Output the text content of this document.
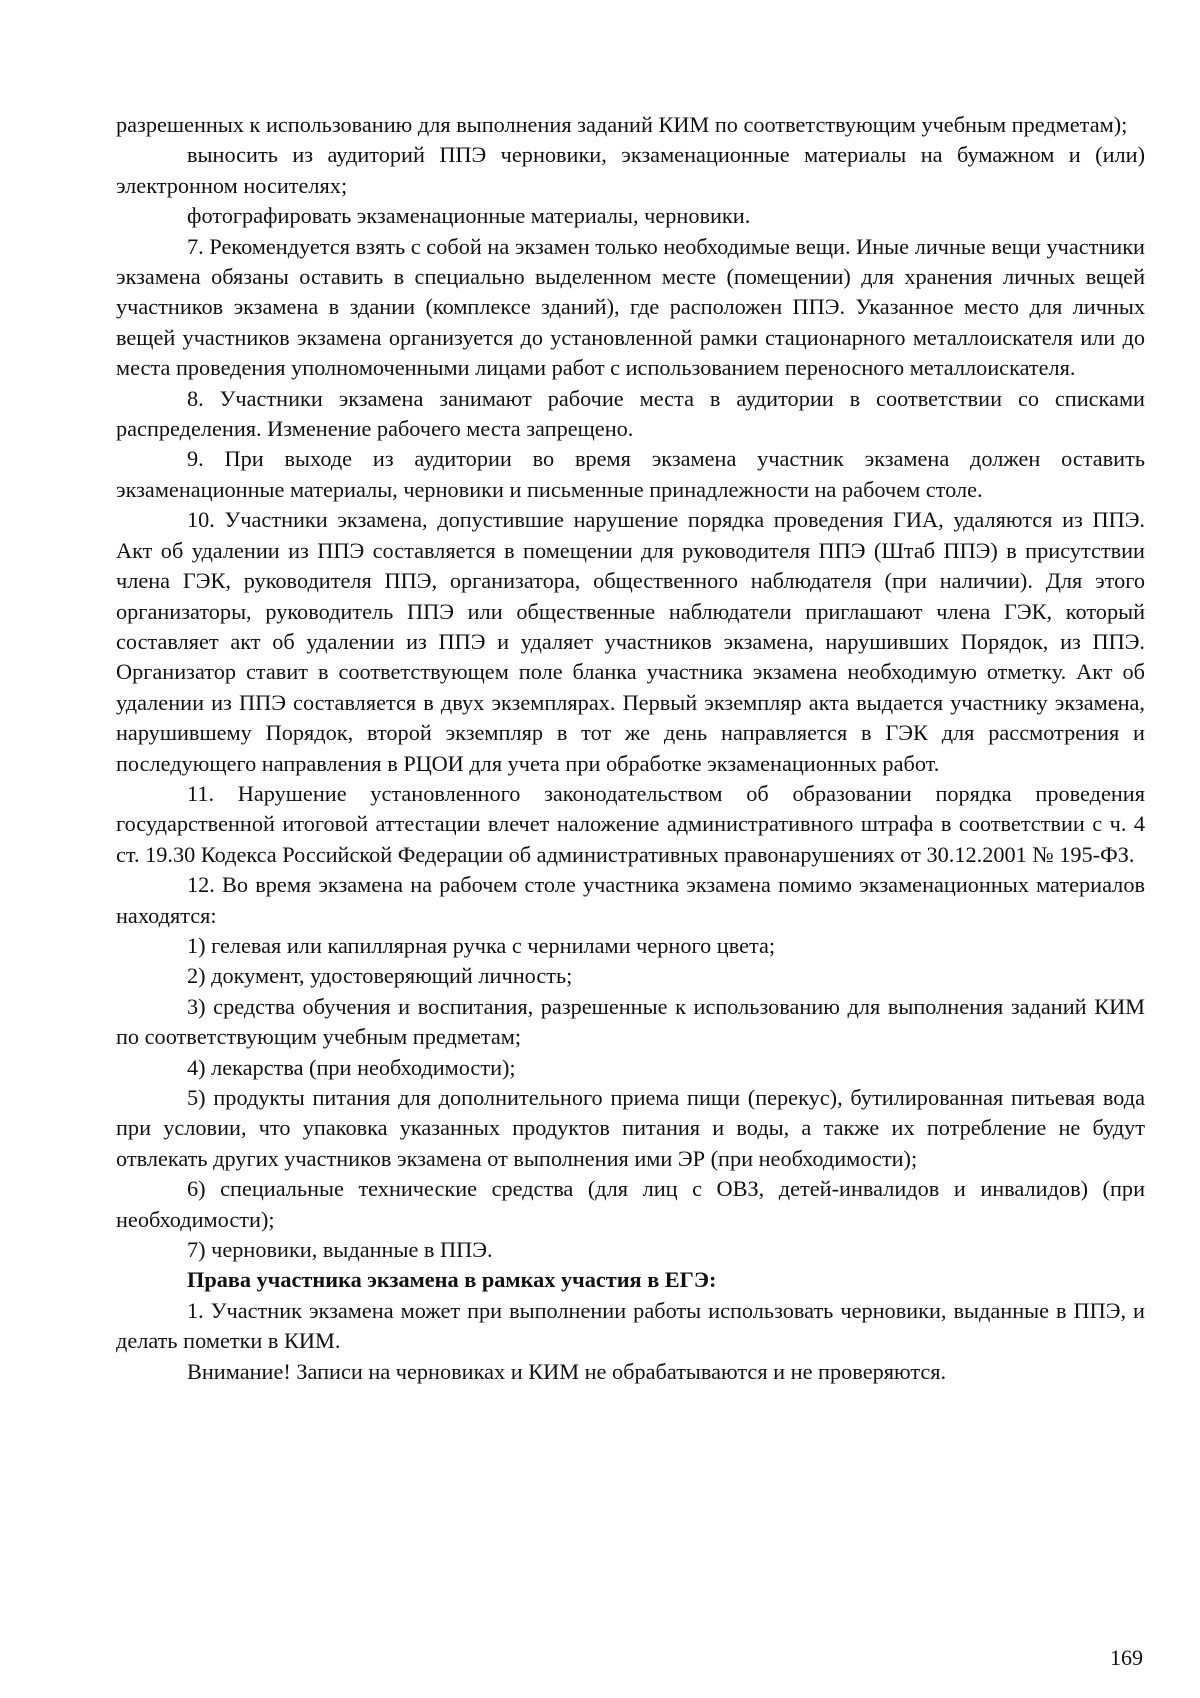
разрешенных к использованию для выполнения заданий КИМ по соответствующим учебным предметам);

выносить из аудиторий ППЭ черновики, экзаменационные материалы на бумажном и (или) электронном носителях;

фотографировать экзаменационные материалы, черновики.

7. Рекомендуется взять с собой на экзамен только необходимые вещи. Иные личные вещи участники экзамена обязаны оставить в специально выделенном месте (помещении) для хранения личных вещей участников экзамена в здании (комплексе зданий), где расположен ППЭ. Указанное место для личных вещей участников экзамена организуется до установленной рамки стационарного металлоискателя или до места проведения уполномоченными лицами работ с использованием переносного металлоискателя.

8. Участники экзамена занимают рабочие места в аудитории в соответствии со списками распределения. Изменение рабочего места запрещено.

9. При выходе из аудитории во время экзамена участник экзамена должен оставить экзаменационные материалы, черновики и письменные принадлежности на рабочем столе.

10. Участники экзамена, допустившие нарушение порядка проведения ГИА, удаляются из ППЭ. Акт об удалении из ППЭ составляется в помещении для руководителя ППЭ (Штаб ППЭ) в присутствии члена ГЭК, руководителя ППЭ, организатора, общественного наблюдателя (при наличии). Для этого организаторы, руководитель ППЭ или общественные наблюдатели приглашают члена ГЭК, который составляет акт об удалении из ППЭ и удаляет участников экзамена, нарушивших Порядок, из ППЭ. Организатор ставит в соответствующем поле бланка участника экзамена необходимую отметку. Акт об удалении из ППЭ составляется в двух экземплярах. Первый экземпляр акта выдается участнику экзамена, нарушившему Порядок, второй экземпляр в тот же день направляется в ГЭК для рассмотрения и последующего направления в РЦОИ для учета при обработке экзаменационных работ.

11. Нарушение установленного законодательством об образовании порядка проведения государственной итоговой аттестации влечет наложение административного штрафа в соответствии с ч. 4 ст. 19.30 Кодекса Российской Федерации об административных правонарушениях от 30.12.2001 № 195-ФЗ.

12. Во время экзамена на рабочем столе участника экзамена помимо экзаменационных материалов находятся:

1) гелевая или капиллярная ручка с чернилами черного цвета;

2) документ, удостоверяющий личность;

3) средства обучения и воспитания, разрешенные к использованию для выполнения заданий КИМ по соответствующим учебным предметам;

4) лекарства (при необходимости);

5) продукты питания для дополнительного приема пищи (перекус), бутилированная питьевая вода при условии, что упаковка указанных продуктов питания и воды, а также их потребление не будут отвлекать других участников экзамена от выполнения ими ЭР (при необходимости);

6) специальные технические средства (для лиц с ОВЗ, детей-инвалидов и инвалидов) (при необходимости);

7) черновики, выданные в ППЭ.

Права участника экзамена в рамках участия в ЕГЭ:

1. Участник экзамена может при выполнении работы использовать черновики, выданные в ППЭ, и делать пометки в КИМ.

Внимание! Записи на черновиках и КИМ не обрабатываются и не проверяются.

169
